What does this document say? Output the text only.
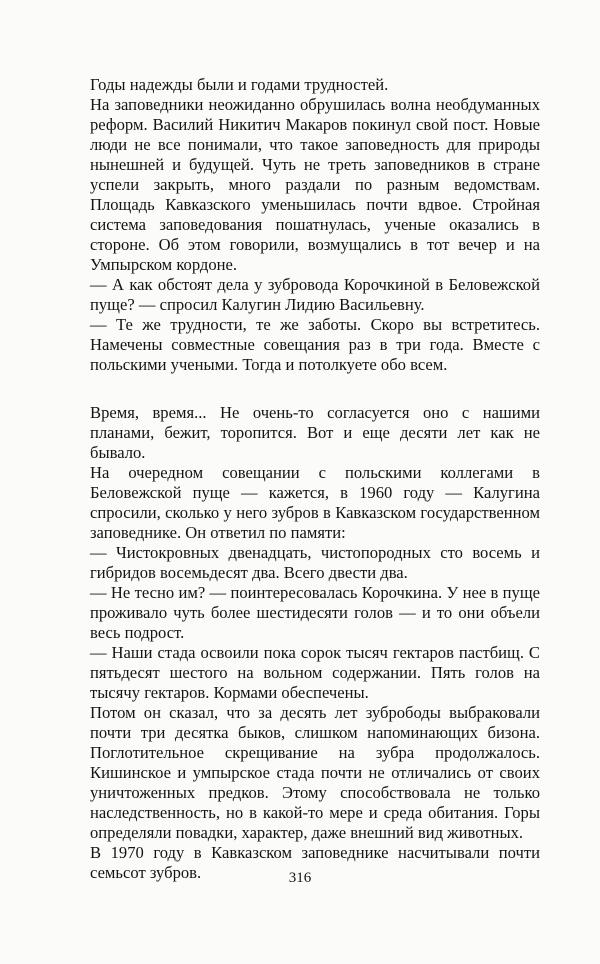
Годы надежды были и годами трудностей.

На заповедники неожиданно обрушилась волна необдуманных реформ. Василий Никитич Макаров покинул свой пост. Новые люди не все понимали, что такое заповедность для природы нынешней и будущей. Чуть не треть заповедников в стране успели закрыть, много раздали по разным ведомствам. Площадь Кавказского уменьшилась почти вдвое. Стройная система заповедования пошатнулась, ученые оказались в стороне. Об этом говорили, возмущались в тот вечер и на Умпырском кордоне.

— А как обстоят дела у зубровода Корочкиной в Беловежской пуще? — спросил Калугин Лидию Васильевну.

— Те же трудности, те же заботы. Скоро вы встретитесь. Намечены совместные совещания раз в три года. Вместе с польскими учеными. Тогда и потолкуете обо всем.

Время, время... Не очень-то согласуется оно с нашими планами, бежит, торопится. Вот и еще десяти лет как не бывало.

На очередном совещании с польскими коллегами в Беловежской пуще — кажется, в 1960 году — Калугина спросили, сколько у него зубров в Кавказском государственном заповеднике. Он ответил по памяти:

— Чистокровных двенадцать, чистопородных сто восемь и гибридов восемьдесят два. Всего двести два.

— Не тесно им? — поинтересовалась Корочкина. У нее в пуще проживало чуть более шестидесяти голов — и то они объели весь подрост.

— Наши стада освоили пока сорок тысяч гектаров пастбищ. С пятьдесят шестого на вольном содержании. Пять голов на тысячу гектаров. Кормами обеспечены.

Потом он сказал, что за десять лет зубрободы выбраковали почти три десятка быков, слишком напоминающих бизона. Поглотительное скрещивание на зубра продолжалось. Кишинское и умпырское стада почти не отличались от своих уничтоженных предков. Этому способствовала не только наследственность, но в какой-то мере и среда обитания. Горы определяли повадки, характер, даже внешний вид животных.

В 1970 году в Кавказском заповеднике насчитывали почти семьсот зубров.	316
